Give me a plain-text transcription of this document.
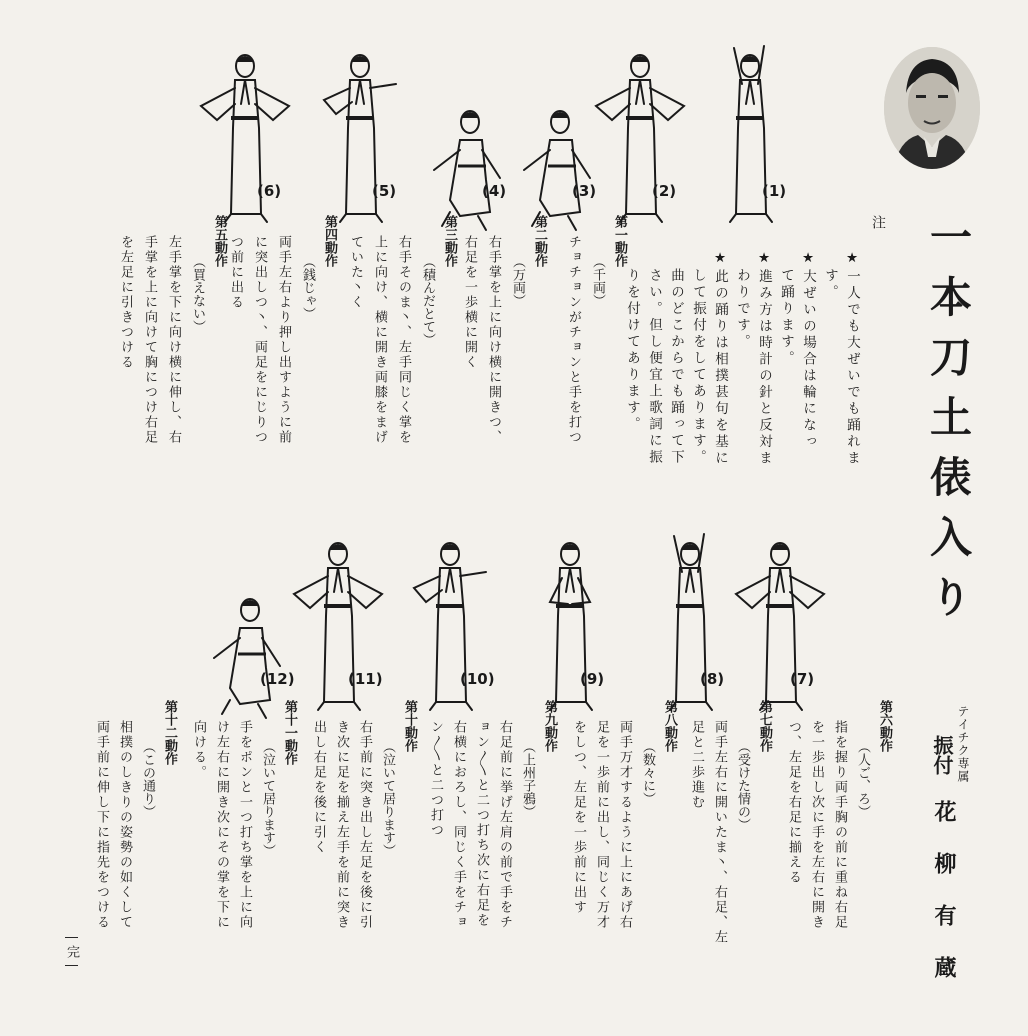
一本刀土俵入り
テイチク専属
振付
花柳有蔵
注
★一人でも大ぜいでも踊れま
す。
★大ぜいの場合は輪になっ
て踊ります。
★進み方は時計の針と反対ま
わりです。
★此の踊りは相撲甚句を基に
して振付をしてあります。
曲のどこからでも踊って下
さい。但し便宜上歌詞に振
りを付けてあります。
第一動作
（千両）
チョチョンがチョンと手を打つ
第二動作
（万両）
右手掌を上に向け横に開きつ、
右足を一歩横に開く
第三動作
（積んだとて）
右手そのま丶、左手同じく掌を
上に向け、横に開き両膝をまげ
ていた丶く
第四動作
（銭じゃ）
両手左右より押し出すように前
に突出しつ丶、両足をにじりつ
つ前に出る
第五動作
（買えない）
左手掌を下に向け横に伸し、右
手掌を上に向けて胸につけ右足
を左足に引きつける
第六動作
（人ご、ろ）
指を握り両手胸の前に重ね右足
を一歩出し次に手を左右に開き
つ、左足を右足に揃える
第七動作
（受けた情の）
両手左右に開いたま丶、右足、左
足と二歩進む
第八動作
（数々に）
両手万才するように上にあげ右
足を一歩前に出し、同じく万才
をしつ、左足を一歩前に出す
第九動作
（上州子鴉）
右足前に挙げ左肩の前で手をチ
ョン〳〵と二つ打ち次に右足を
右横におろし、同じく手をチョ
ン〳〵と二つ打つ
第十動作
（泣いて居ります）
右手前に突き出し左足を後に引
き次に足を揃え左手を前に突き
出し右足を後に引く
第十一動作
（泣いて居ります）
手をポンと一つ打ち掌を上に向
け左右に開き次にその掌を下に
向ける。
第十二動作
（この通り）
相撲のしきりの姿勢の如くして
両手前に伸し下に指先をつける
―完―
(6)	(5)	(4)	(3)	(2)	(1)
(12)	(11)	(10)	(9)	(8)	(7)
